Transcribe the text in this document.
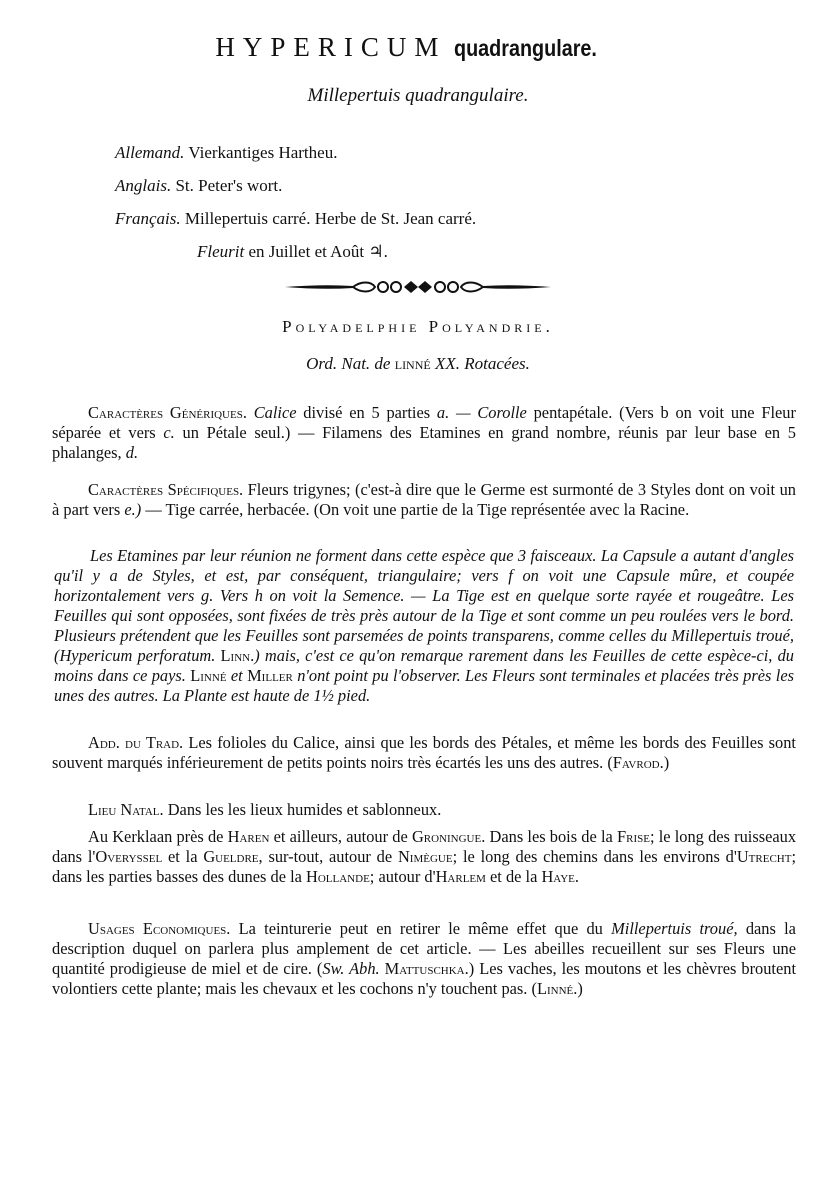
HYPERICUM quadrangulare.
Millepertuis quadrangulaire.
Allemand. Vierkantiges Hartheu.
Anglais. St. Peter's wort.
Français. Millepertuis carré. Herbe de St. Jean carré.
Fleurit en Juillet et Août ♃.
Polyadelphie Polyandrie.
Ord. Nat. de linné XX. Rotacées.

Caractères Génériques. Calice divisé en 5 parties a. — Corolle pentapétale. (Vers b on voit une Fleur séparée et vers c. un Pétale seul.) — Filamens des Etamines en grand nombre, réunis par leur base en 5 phalanges, d.

Caractères Spécifiques. Fleurs trigynes; (c'est-à dire que le Germe est surmonté de 3 Styles dont on voit un à part vers e.) — Tige carrée, herbacée. (On voit une partie de la Tige représentée avec la Racine.

Les Etamines par leur réunion ne forment dans cette espèce que 3 faisceaux. La Capsule a autant d'angles qu'il y a de Styles, et est, par conséquent, triangulaire; vers f on voit une Capsule mûre, et coupée horizontalement vers g. Vers h on voit la Semence. — La Tige est en quelque sorte rayée et rougeâtre. Les Feuilles qui sont opposées, sont fixées de très près autour de la Tige et sont comme un peu roulées vers le bord. Plusieurs prétendent que les Feuilles sont parsemées de points transparens, comme celles du Millepertuis troué, (Hypericum perforatum. Linn.) mais, c'est ce qu'on remarque rarement dans les Feuilles de cette espèce-ci, du moins dans ce pays. Linné et Miller n'ont point pu l'observer. Les Fleurs sont terminales et placées très près les unes des autres. La Plante est haute de 1½ pied.

Add. du Trad. Les folioles du Calice, ainsi que les bords des Pétales, et même les bords des Feuilles sont souvent marqués inférieurement de petits points noirs très écartés les uns des autres. (Favrod.)

Lieu Natal. Dans les les lieux humides et sablonneux.

Au Kerklaan près de Haren et ailleurs, autour de Groningue. Dans les bois de la Frise; le long des ruisseaux dans l'Overyssel et la Gueldre, sur-tout, autour de Nimègue; le long des chemins dans les environs d'Utrecht; dans les parties basses des dunes de la Hollande; autour d'Harlem et de la Haye.

Usages Economiques. La teinturerie peut en retirer le même effet que du Millepertuis troué, dans la description duquel on parlera plus amplement de cet article. — Les abeilles recueillent sur ses Fleurs une quantité prodigieuse de miel et de cire. (Sw. Abh. Mattuschka.) Les vaches, les moutons et les chèvres broutent volontiers cette plante; mais les chevaux et les cochons n'y touchent pas. (Linné.)
